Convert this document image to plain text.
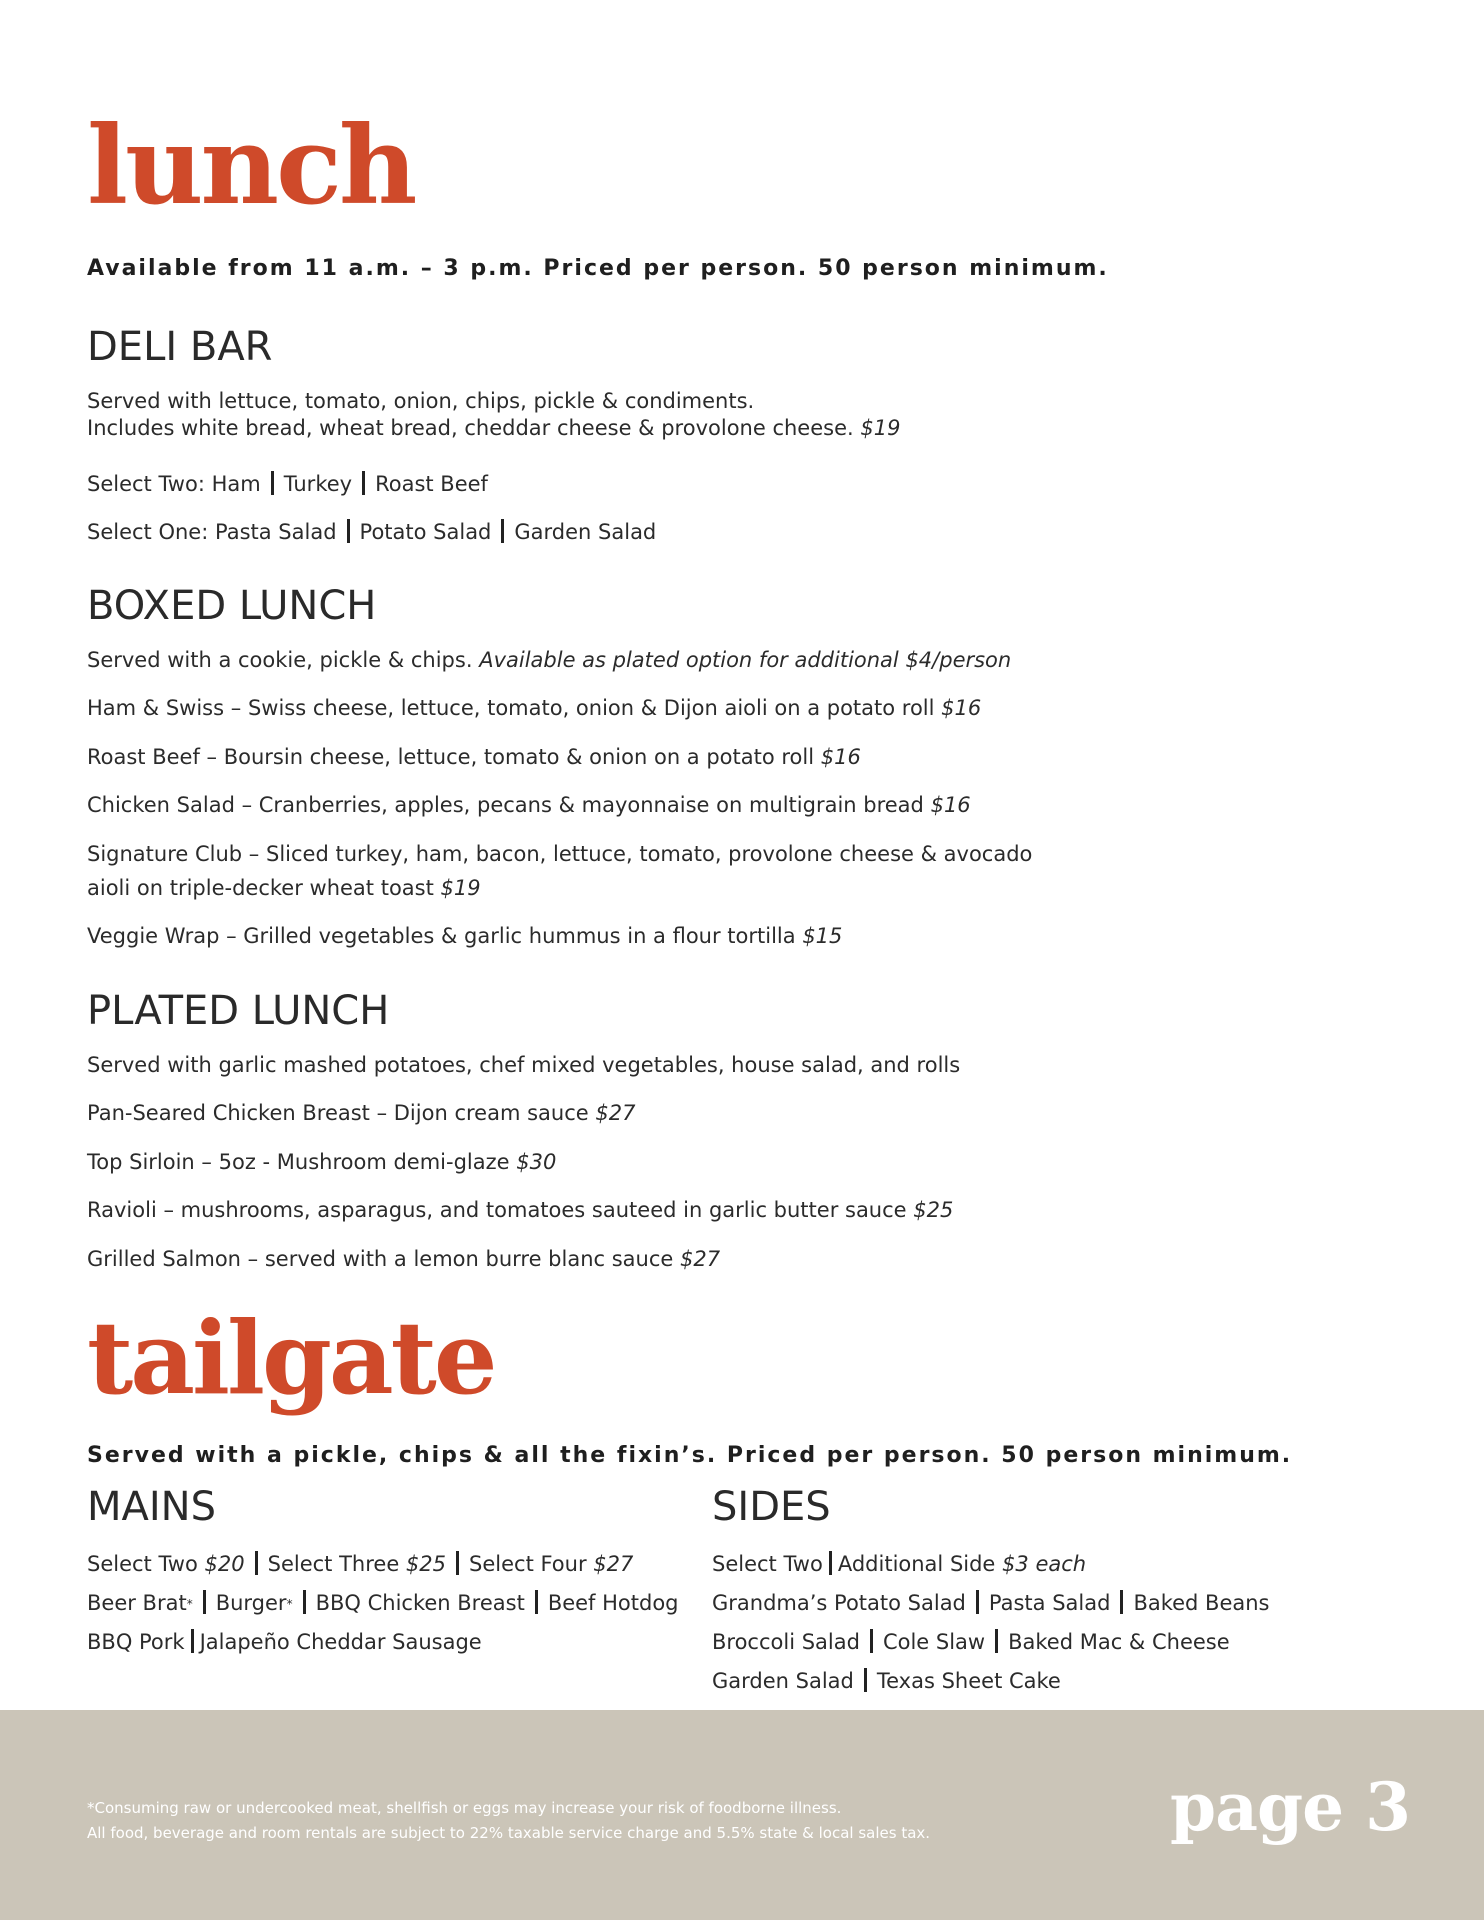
lunch

Available from 11 a.m. – 3 p.m. Priced per person. 50 person minimum.

DELI BAR

Served with lettuce, tomato, onion, chips, pickle & condiments.

Includes white bread, wheat bread, cheddar cheese & provolone cheese. $19

Select Two: Ham Turkey Roast Beef

Select One: Pasta Salad Potato Salad Garden Salad

BOXED LUNCH

Served with a cookie, pickle & chips. Available as plated option for additional $4/person

Ham & Swiss – Swiss cheese, lettuce, tomato, onion & Dijon aioli on a potato roll $16

Roast Beef – Boursin cheese, lettuce, tomato & onion on a potato roll $16

Chicken Salad – Cranberries, apples, pecans & mayonnaise on multigrain bread $16

Signature Club – Sliced turkey, ham, bacon, lettuce, tomato, provolone cheese & avocado

aioli on triple-decker wheat toast $19

Veggie Wrap – Grilled vegetables & garlic hummus in a flour tortilla $15

PLATED LUNCH

Served with garlic mashed potatoes, chef mixed vegetables, house salad, and rolls

Pan-Seared Chicken Breast – Dijon cream sauce $27

Top Sirloin – 5oz - Mushroom demi-glaze $30

Ravioli – mushrooms, asparagus, and tomatoes sauteed in garlic butter sauce $25

Grilled Salmon – served with a lemon burre blanc sauce $27

tailgate

Served with a pickle, chips & all the fixin’s. Priced per person. 50 person minimum.

MAINS

Select Two $20 Select Three $25 Select Four $27

Beer Brat* Burger* BBQ Chicken Breast Beef Hotdog

BBQ Pork Jalapeño Cheddar Sausage

SIDES

Select Two Additional Side $3 each

Grandma’s Potato Salad Pasta Salad Baked Beans

Broccoli Salad Cole Slaw Baked Mac & Cheese

Garden Salad Texas Sheet Cake

*Consuming raw or undercooked meat, shellfish or eggs may increase your risk of foodborne illness.

All food, beverage and room rentals are subject to 22% taxable service charge and 5.5% state & local sales tax.	page 3
